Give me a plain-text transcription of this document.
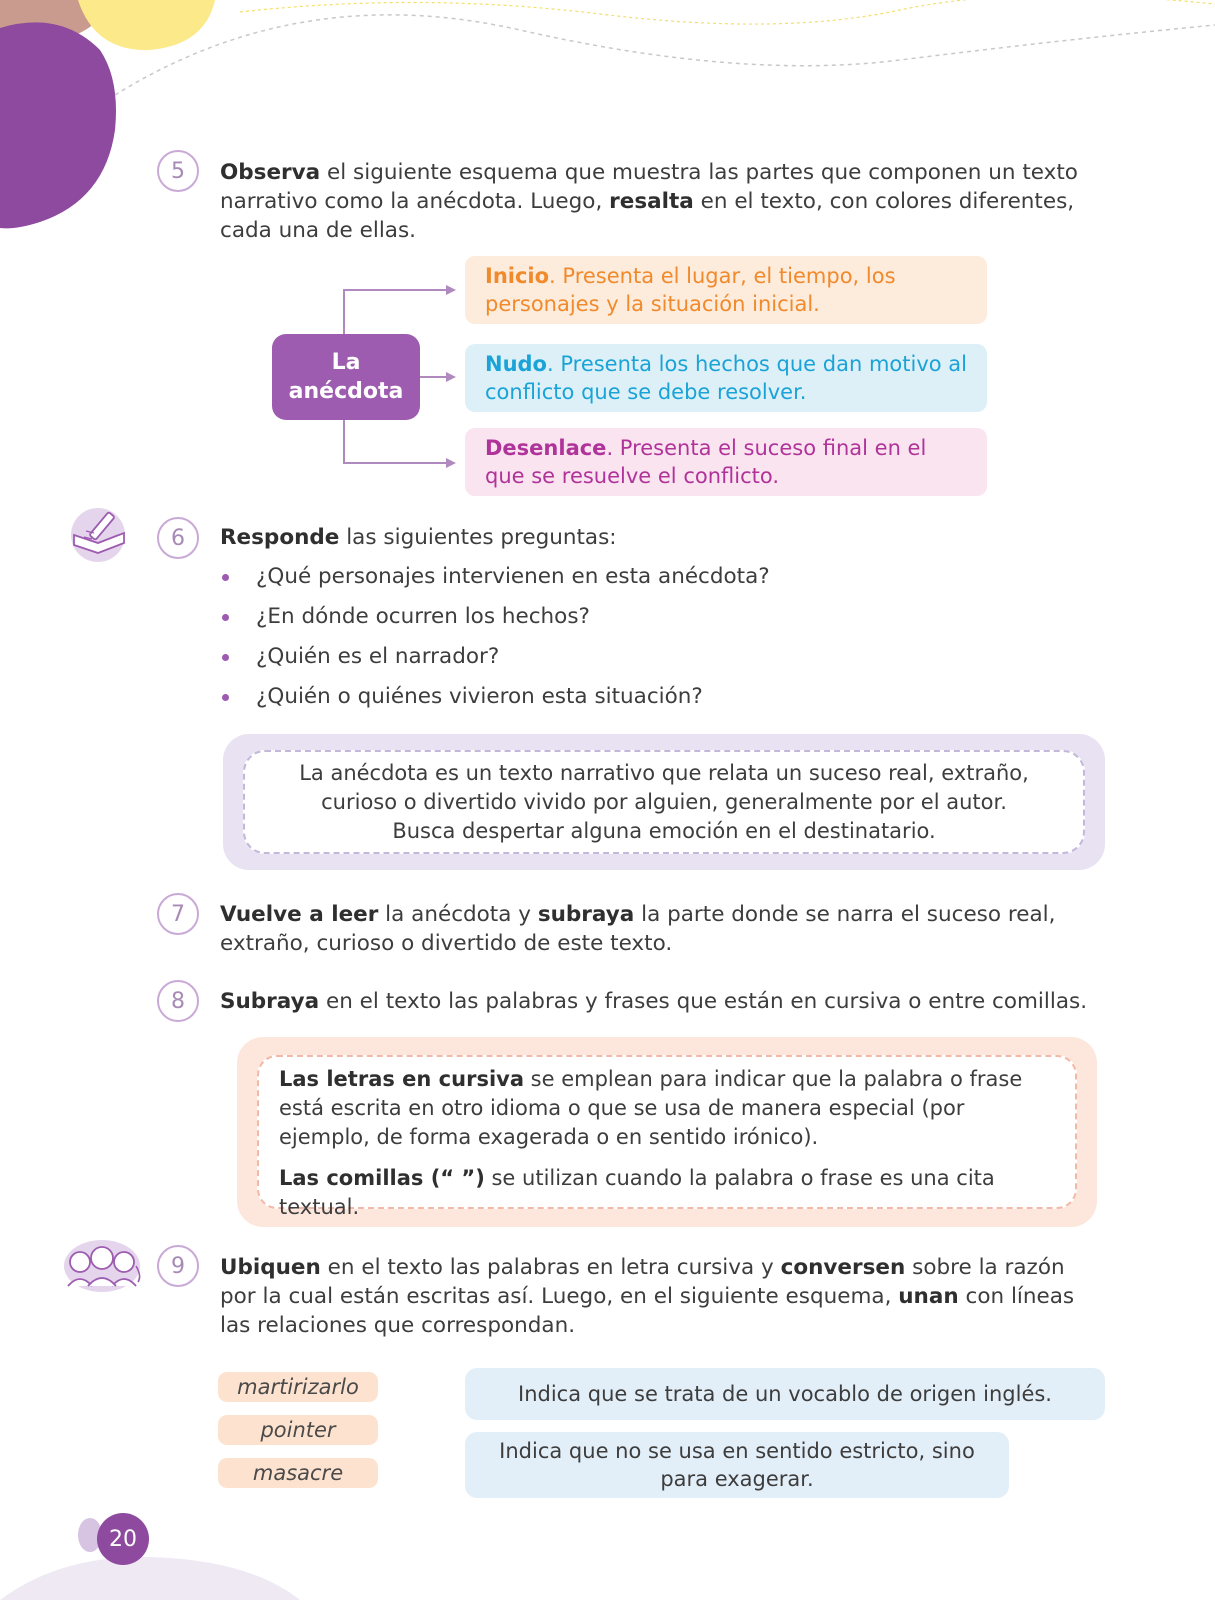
5	Observa el siguiente esquema que muestra las partes que componen un texto narrativo como la anécdota. Luego, resalta en el texto, con colores diferentes, cada una de ellas.
La
anécdota
Inicio. Presenta el lugar, el tiempo, los personajes y la situación inicial.
Nudo. Presenta los hechos que dan motivo al conflicto que se debe resolver.
Desenlace. Presenta el suceso final en el que se resuelve el conflicto.
6	Responde las siguientes preguntas:
¿Qué personajes intervienen en esta anécdota?
¿En dónde ocurren los hechos?
¿Quién es el narrador?
¿Quién o quiénes vivieron esta situación?
La anécdota es un texto narrativo que relata un suceso real, extraño,
curioso o divertido vivido por alguien, generalmente por el autor.
Busca despertar alguna emoción en el destinatario.
7	Vuelve a leer la anécdota y subraya la parte donde se narra el suceso real, extraño, curioso o divertido de este texto.
8	Subraya en el texto las palabras y frases que están en cursiva o entre comillas.
Las letras en cursiva se emplean para indicar que la palabra o frase está escrita en otro idioma o que se usa de manera especial (por ejemplo, de forma exagerada o en sentido irónico).
Las comillas (“ ”) se utilizan cuando la palabra o frase es una cita textual.
9	Ubiquen en el texto las palabras en letra cursiva y conversen sobre la razón por la cual están escritas así. Luego, en el siguiente esquema, unan con líneas las relaciones que correspondan.
martirizarlo
pointer
masacre
Indica que se trata de un vocablo de origen inglés.
Indica que no se usa en sentido estricto, sino
para exagerar.
20
